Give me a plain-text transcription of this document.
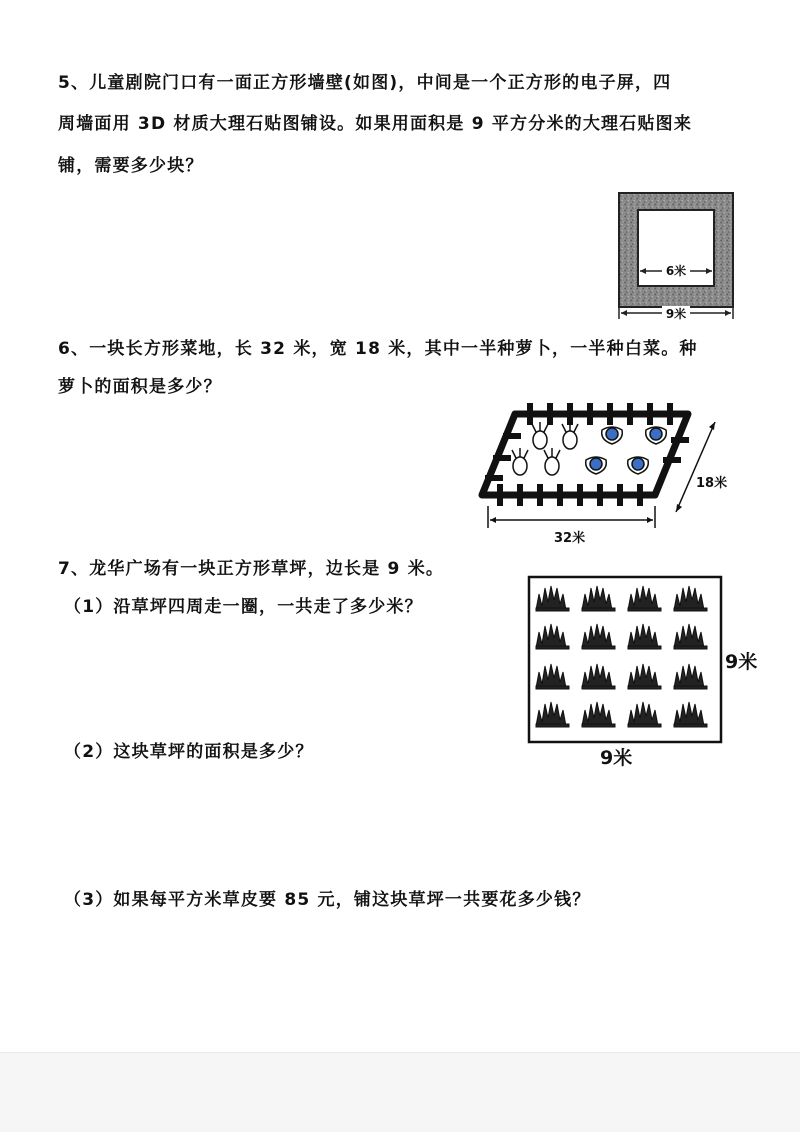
5、儿童剧院门口有一面正方形墙壁(如图)，中间是一个正方形的电子屏，四
周墙面用 3D 材质大理石贴图铺设。如果用面积是 9 平方分米的大理石贴图来
铺，需要多少块？
6米
9米
6、一块长方形菜地，长 32 米，宽 18 米，其中一半种萝卜，一半种白菜。种
萝卜的面积是多少？
18米
32米
7、龙华广场有一块正方形草坪，边长是 9 米。
（1）沿草坪四周走一圈，一共走了多少米？
（2）这块草坪的面积是多少？
（3）如果每平方米草皮要 85 元，铺这块草坪一共要花多少钱？
9米
9米
